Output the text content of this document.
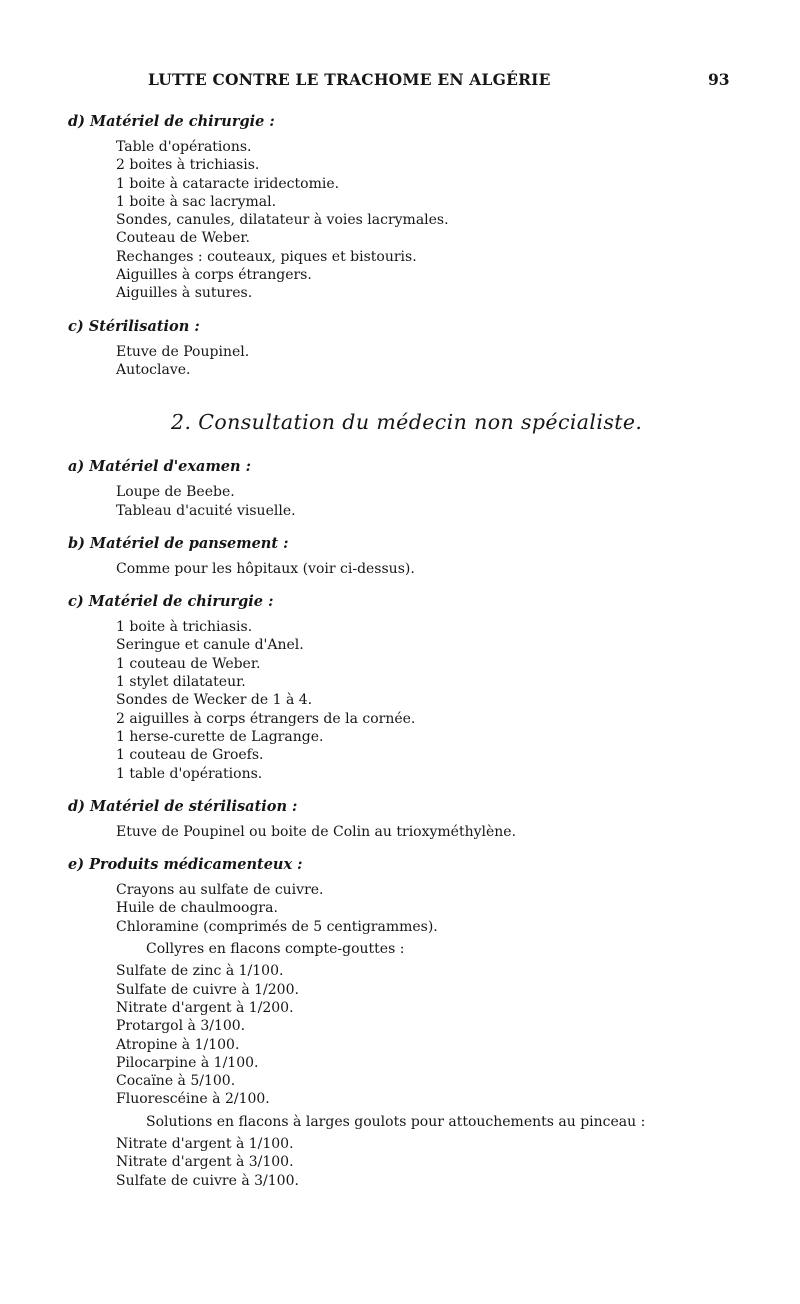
LUTTE CONTRE LE TRACHOME EN ALGÉRIE	93
d) Matériel de chirurgie :
Table d'opérations.
2 boites à trichiasis.
1 boite à cataracte iridectomie.
1 boite à sac lacrymal.
Sondes, canules, dilatateur à voies lacrymales.
Couteau de Weber.
Rechanges : couteaux, piques et bistouris.
Aiguilles à corps étrangers.
Aiguilles à sutures.
c) Stérilisation :
Etuve de Poupinel.
Autoclave.
2. Consultation du médecin non spécialiste.
a) Matériel d'examen :
Loupe de Beebe.
Tableau d'acuité visuelle.
b) Matériel de pansement :
Comme pour les hôpitaux (voir ci-dessus).
c) Matériel de chirurgie :
1 boite à trichiasis.
Seringue et canule d'Anel.
1 couteau de Weber.
1 stylet dilatateur.
Sondes de Wecker de 1 à 4.
2 aiguilles à corps étrangers de la cornée.
1 herse-curette de Lagrange.
1 couteau de Groefs.
1 table d'opérations.
d) Matériel de stérilisation :
Etuve de Poupinel ou boite de Colin au trioxyméthylène.
e) Produits médicamenteux :
Crayons au sulfate de cuivre.
Huile de chaulmoogra.
Chloramine (comprimés de 5 centigrammes).
Collyres en flacons compte-gouttes :
Sulfate de zinc à 1/100.
Sulfate de cuivre à 1/200.
Nitrate d'argent à 1/200.
Protargol à 3/100.
Atropine à 1/100.
Pilocarpine à 1/100.
Cocaïne à 5/100.
Fluorescéine à 2/100.
Solutions en flacons à larges goulots pour attouchements au pinceau :
Nitrate d'argent à 1/100.
Nitrate d'argent à 3/100.
Sulfate de cuivre à 3/100.
